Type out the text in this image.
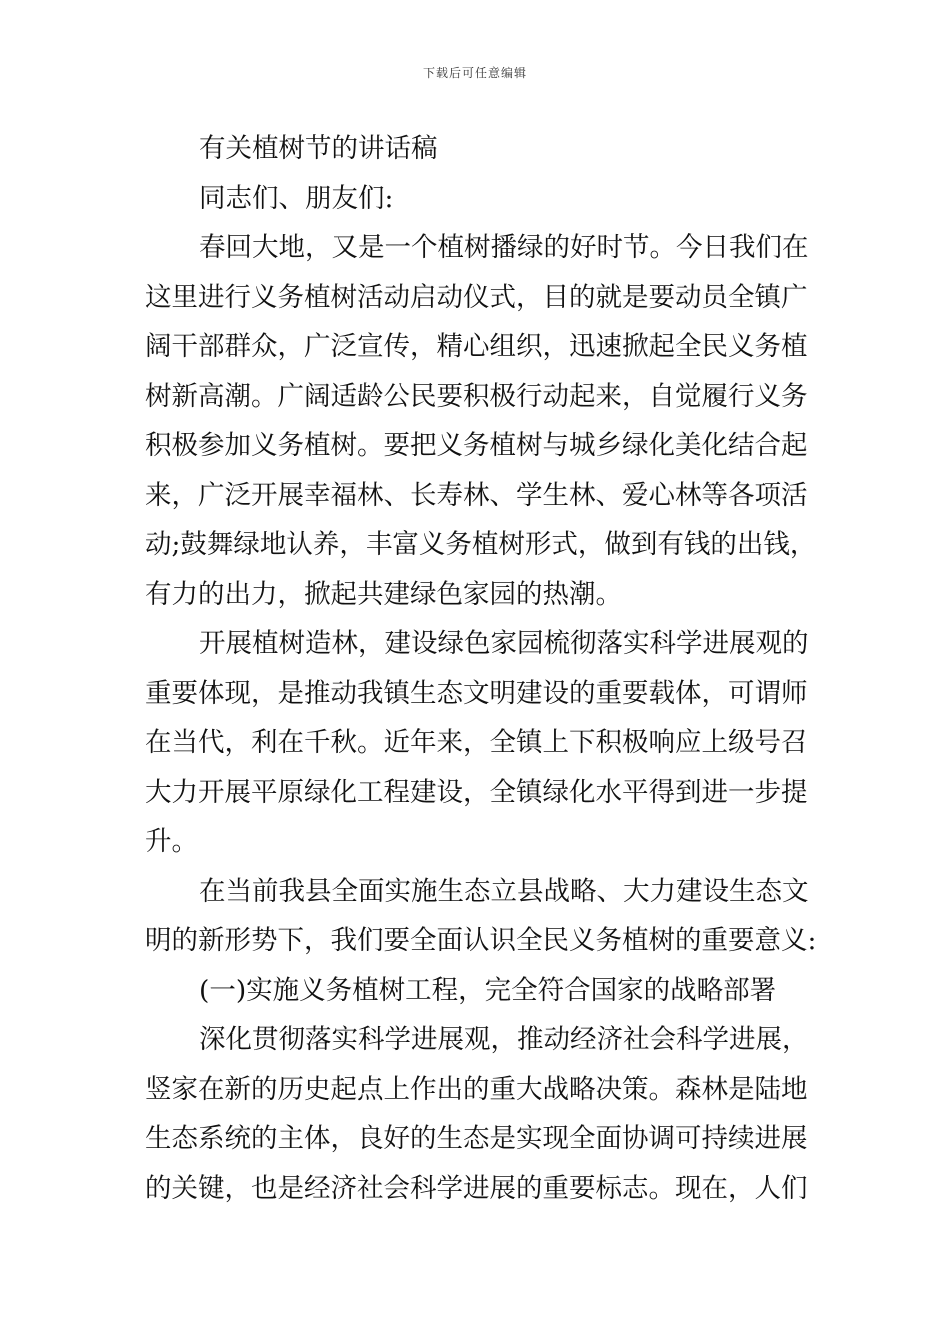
下载后可任意编辑
有关植树节的讲话稿
同志们、朋友们:
春回大地，又是一个植树播绿的好时节。今日我们在
这里进行义务植树活动启动仪式，目的就是要动员全镇广
阔干部群众，广泛宣传，精心组织，迅速掀起全民义务植
树新高潮。广阔适龄公民要积极行动起来，自觉履行义务
积极参加义务植树。要把义务植树与城乡绿化美化结合起
来，广泛开展幸福林、长寿林、学生林、爱心林等各项活
动;鼓舞绿地认养，丰富义务植树形式，做到有钱的出钱，
有力的出力，掀起共建绿色家园的热潮。
开展植树造林，建设绿色家园梳彻落实科学进展观的
重要体现，是推动我镇生态文明建设的重要载体，可谓师
在当代，利在千秋。近年来，全镇上下积极响应上级号召
大力开展平原绿化工程建设，全镇绿化水平得到进一步提
升。
在当前我县全面实施生态立县战略、大力建设生态文
明的新形势下，我们要全面认识全民义务植树的重要意义:
(一)实施义务植树工程，完全符合国家的战略部署
深化贯彻落实科学进展观，推动经济社会科学进展，
竖家在新的历史起点上作出的重大战略决策。森林是陆地
生态系统的主体，良好的生态是实现全面协调可持续进展
的关键，也是经济社会科学进展的重要标志。现在，人们
